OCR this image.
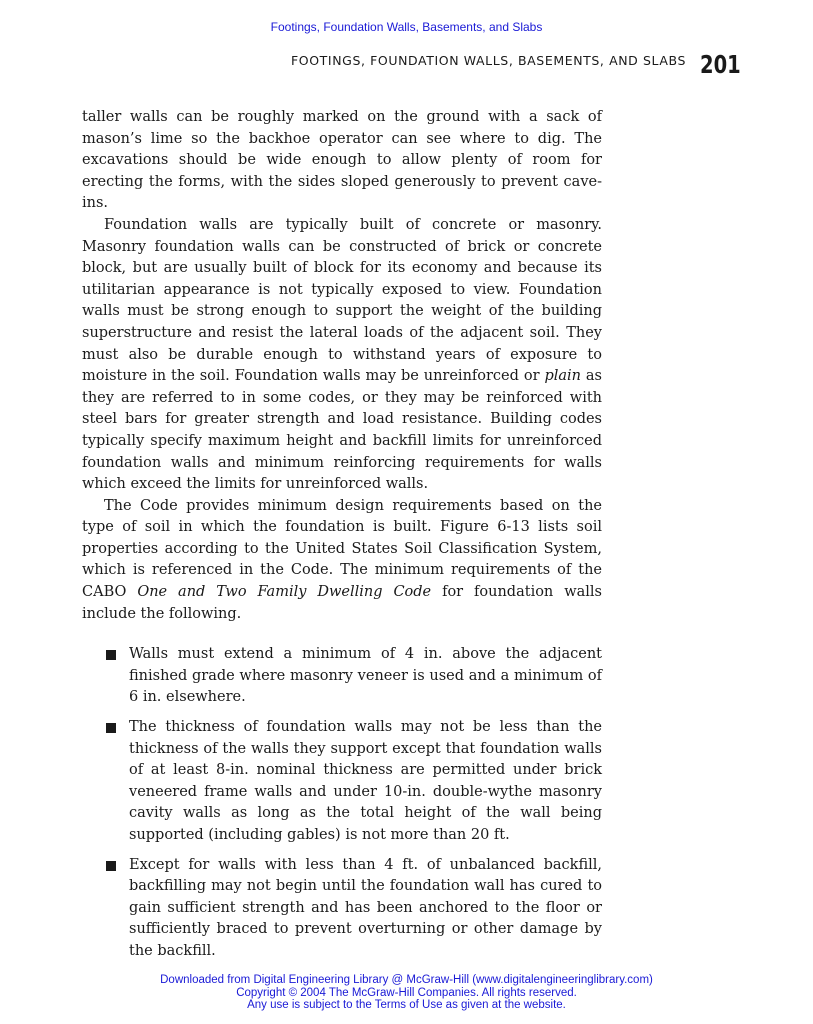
Footings, Foundation Walls, Basements, and Slabs
FOOTINGS, FOUNDATION WALLS, BASEMENTS, AND SLABS 201

taller walls can be roughly marked on the ground with a sack of mason’s lime so the backhoe operator can see where to dig. The excavations should be wide enough to allow plenty of room for erecting the forms, with the sides sloped generously to prevent cave-ins.

Foundation walls are typically built of concrete or masonry. Masonry foundation walls can be constructed of brick or concrete block, but are usually built of block for its economy and because its utilitarian appearance is not typically exposed to view. Foundation walls must be strong enough to support the weight of the building superstructure and resist the lateral loads of the adjacent soil. They must also be durable enough to withstand years of exposure to moisture in the soil. Foundation walls may be unreinforced or plain as they are referred to in some codes, or they may be reinforced with steel bars for greater strength and load resistance. Building codes typically specify maximum height and backfill limits for unreinforced foundation walls and minimum reinforcing requirements for walls which exceed the limits for unreinforced walls.

The Code provides minimum design requirements based on the type of soil in which the foundation is built. Figure 6-13 lists soil properties according to the United States Soil Classification System, which is referenced in the Code. The minimum requirements of the CABO One and Two Family Dwelling Code for foundation walls include the following.

Walls must extend a minimum of 4 in. above the adjacent finished grade where masonry veneer is used and a minimum of 6 in. elsewhere.
The thickness of foundation walls may not be less than the thickness of the walls they support except that foundation walls of at least 8-in. nominal thickness are permitted under brick veneered frame walls and under 10-in. double-wythe masonry cavity walls as long as the total height of the wall being supported (including gables) is not more than 20 ft.
Except for walls with less than 4 ft. of unbalanced backfill, backfilling may not begin until the foundation wall has cured to gain sufficient strength and has been anchored to the floor or sufficiently braced to prevent overturning or other damage by the backfill.
Downloaded from Digital Engineering Library @ McGraw-Hill (www.digitalengineeringlibrary.com)
Copyright © 2004 The McGraw-Hill Companies. All rights reserved.
Any use is subject to the Terms of Use as given at the website.
